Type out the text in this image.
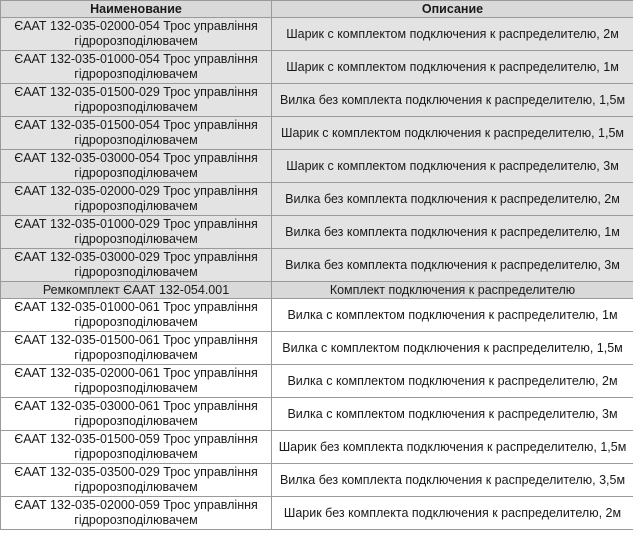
Наименование	Описание
ЄААТ 132-035-02000-054 Трос управління гідророзподілювачем	Шарик с комплектом подключения к распределителю, 2м
ЄААТ 132-035-01000-054 Трос управління гідророзподілювачем	Шарик с комплектом подключения к распределителю, 1м
ЄААТ 132-035-01500-029 Трос управління гідророзподілювачем	Вилка без комплекта подключения к распределителю, 1,5м
ЄААТ 132-035-01500-054 Трос управління гідророзподілювачем	Шарик с комплектом подключения к распределителю, 1,5м
ЄААТ 132-035-03000-054 Трос управління гідророзподілювачем	Шарик с комплектом подключения к распределителю, 3м
ЄААТ 132-035-02000-029 Трос управління гідророзподілювачем	Вилка без комплекта подключения к распределителю, 2м
ЄААТ 132-035-01000-029 Трос управління гідророзподілювачем	Вилка без комплекта подключения к распределителю, 1м
ЄААТ 132-035-03000-029 Трос управління гідророзподілювачем	Вилка без комплекта подключения к распределителю, 3м
Ремкомплект ЄААТ 132-054.001	Комплект подключения к распределителю
ЄААТ 132-035-01000-061 Трос управління гідророзподілювачем	Вилка с комплектом подключения к распределителю, 1м
ЄААТ 132-035-01500-061 Трос управління гідророзподілювачем	Вилка с комплектом подключения к распределителю, 1,5м
ЄААТ 132-035-02000-061 Трос управління гідророзподілювачем	Вилка с комплектом подключения к распределителю, 2м
ЄААТ 132-035-03000-061 Трос управління гідророзподілювачем	Вилка с комплектом подключения к распределителю, 3м
ЄААТ 132-035-01500-059 Трос управління гідророзподілювачем	Шарик без комплекта подключения к распределителю, 1,5м
ЄААТ 132-035-03500-029 Трос управління гідророзподілювачем	Вилка без комплекта подключения к распределителю, 3,5м
ЄААТ 132-035-02000-059 Трос управління гідророзподілювачем	Шарик без комплекта подключения к распределителю, 2м
